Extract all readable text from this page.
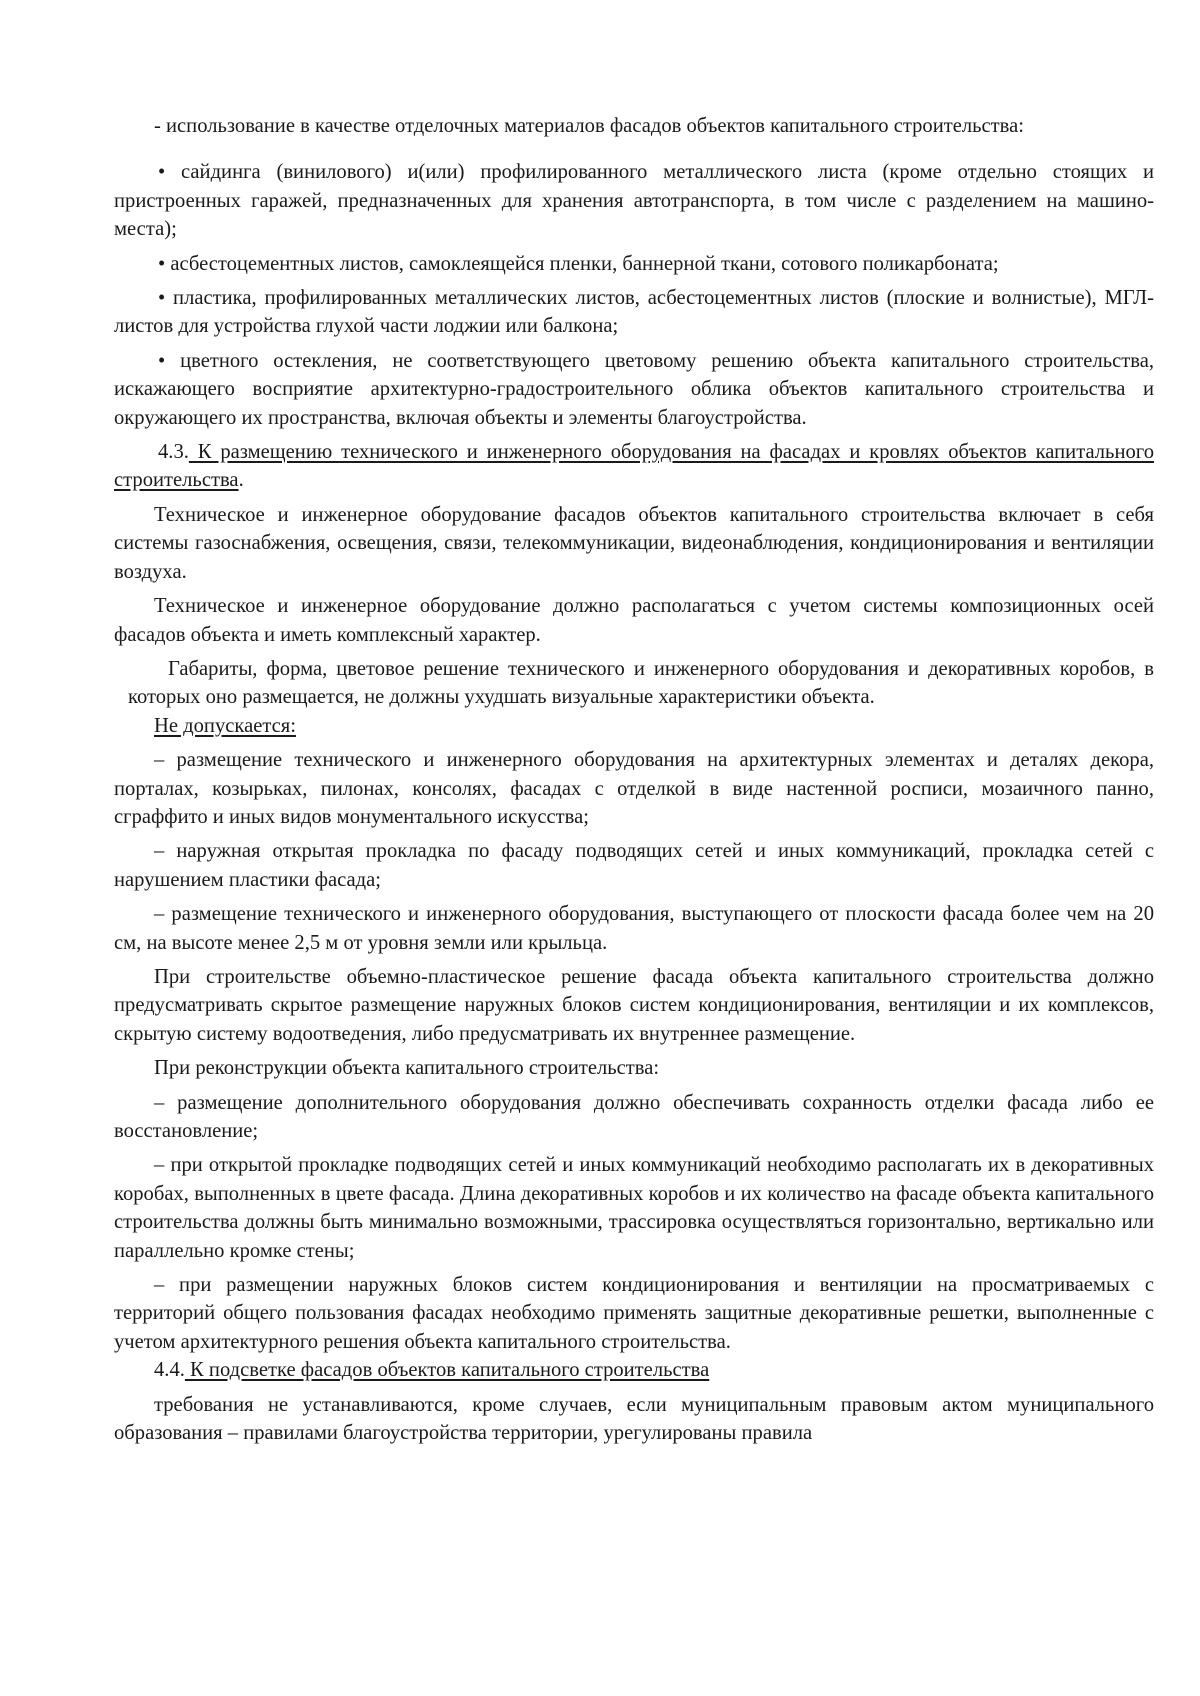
- использование в качестве отделочных материалов фасадов объектов капитального строительства:

• сайдинга (винилового) и(или) профилированного металлического листа (кроме отдельно стоящих и пристроенных гаражей, предназначенных для хранения автотранспорта, в том числе с разделением на машино-места);

• асбестоцементных листов, самоклеящейся пленки, баннерной ткани, сотового поликарбоната;

• пластика, профилированных металлических листов, асбестоцементных листов (плоские и волнистые), МГЛ-листов для устройства глухой части лоджии или балкона;

• цветного остекления, не соответствующего цветовому решению объекта капитального строительства, искажающего восприятие архитектурно-градостроительного облика объектов капитального строительства и окружающего их пространства, включая объекты и элементы благоустройства.

4.3. К размещению технического и инженерного оборудования на фасадах и кровлях объектов капитального строительства.

Техническое и инженерное оборудование фасадов объектов капитального строительства включает в себя системы газоснабжения, освещения, связи, телекоммуникации, видеонаблюдения, кондиционирования и вентиляции воздуха.

Техническое и инженерное оборудование должно располагаться с учетом системы композиционных осей фасадов объекта и иметь комплексный характер.

Габариты, форма, цветовое решение технического и инженерного оборудования и декоративных коробов, в которых оно размещается, не должны ухудшать визуальные характеристики объекта.

Не допускается:

– размещение технического и инженерного оборудования на архитектурных элементах и деталях декора, порталах, козырьках, пилонах, консолях, фасадах с отделкой в виде настенной росписи, мозаичного панно, сграффито и иных видов монументального искусства;

– наружная открытая прокладка по фасаду подводящих сетей и иных коммуникаций, прокладка сетей с нарушением пластики фасада;

– размещение технического и инженерного оборудования, выступающего от плоскости фасада более чем на 20 см, на высоте менее 2,5 м от уровня земли или крыльца.

При строительстве объемно-пластическое решение фасада объекта капитального строительства должно предусматривать скрытое размещение наружных блоков систем кондиционирования, вентиляции и их комплексов, скрытую систему водоотведения, либо предусматривать их внутреннее размещение.

При реконструкции объекта капитального строительства:

– размещение дополнительного оборудования должно обеспечивать сохранность отделки фасада либо ее восстановление;

– при открытой прокладке подводящих сетей и иных коммуникаций необходимо располагать их в декоративных коробах, выполненных в цвете фасада. Длина декоративных коробов и их количество на фасаде объекта капитального строительства должны быть минимально возможными, трассировка осуществляться горизонтально, вертикально или параллельно кромке стены;

– при размещении наружных блоков систем кондиционирования и вентиляции на просматриваемых с территорий общего пользования фасадах необходимо применять защитные декоративные решетки, выполненные с учетом архитектурного решения объекта капитального строительства.

4.4. К подсветке фасадов объектов капитального строительства

требования не устанавливаются, кроме случаев, если муниципальным правовым актом муниципального образования – правилами благоустройства территории, урегулированы правила
